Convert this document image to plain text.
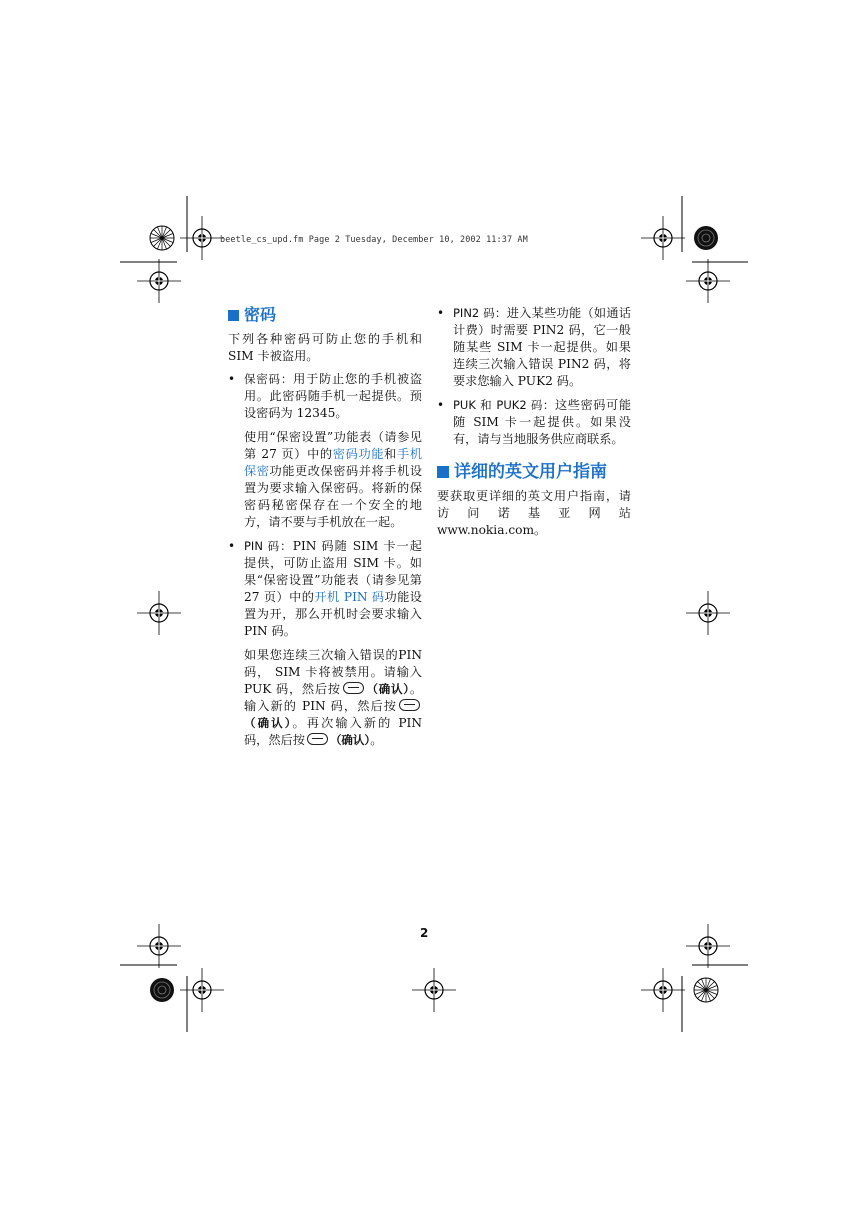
beetle_cs_upd.fm Page 2 Tuesday, December 10, 2002 11:37 AM
密码

下列各种密码可防止您的手机和SIM 卡被盗用。

• 保密码：用于防止您的手机被盗用。此密码随手机一起提供。预设密码为 12345。

使用“保密设置”功能表（请参见第 27 页）中的密码功能和手机保密功能更改保密码并将手机设置为要求输入保密码。将新的保密码秘密保存在一个安全的地方，请不要与手机放在一起。

• PIN 码：PIN 码随 SIM 卡一起提供，可防止盗用 SIM 卡。如果“保密设置”功能表（请参见第 27 页）中的开机 PIN 码功能设置为开，那么开机时会要求输入 PIN 码。

如果您连续三次输入错误的PIN码， SIM 卡将被禁用。请输入 PUK 码，然后按 （确认）。输入新的 PIN 码，然后按（确认）。再次输入新的 PIN 码，然后按 （确认）。

• PIN2 码：进入某些功能（如通话计费）时需要 PIN2 码，它一般随某些 SIM 卡一起提供。如果连续三次输入错误 PIN2 码，将要求您输入 PUK2 码。
• PUK 和 PUK2 码：这些密码可能随 SIM 卡一起提供。如果没有，请与当地服务供应商联系。
详细的英文用户指南

要获取更详细的英文用户指南，请访问诺基亚网站 www.nokia.com。

2
